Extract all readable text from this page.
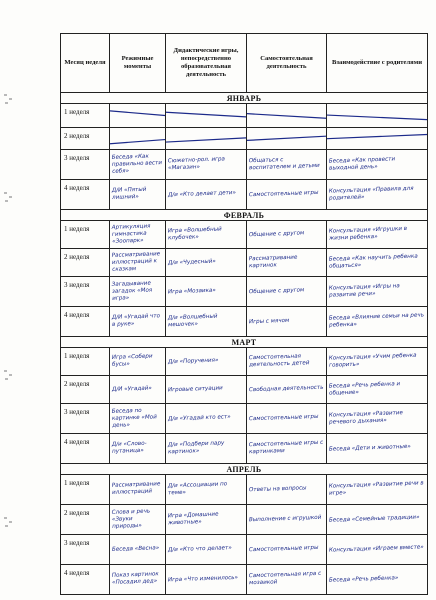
Месяц неделя	Режимные моменты	Дидактические игры, непосредственно образовательная деятельность	Самостоятельная деятельность	Взаимодействие с родителями
ЯНВАРЬ				
1 неделя	

2 неделя	

3 неделя	Беседа «Как правильно вести себя»	Сюжетно-рол. игра «Магазин»	Общаться с воспитателем и детьми	Беседа «Как провести выходной день»

4 неделя	Д/И «Пятый лишний»	Д/и «Кто делает дети»	Самостоятельные игры	Консультация «Правила для родителей»

ФЕВРАЛЬ				
1 неделя	Артикуляция гимнастика «Зоопарк»	Игра «Волшебный клубочек»	Общение с другом	Консультация «Игрушки в жизни ребенка»

2 неделя	Рассматривание иллюстраций к сказкам	Д/и «Чудесный»	Рассматривание картинок	Беседа «Как научить ребенка общаться»

3 неделя	Загадывание загадок «Моя игра»	Игра «Мозаика»	Общение с другом	Консультация «Игры на развитие речи»

4 неделя	Д/И «Угадай что в руке»	Д/и «Волшебный мешочек»	Игры с мячом	Беседа «Влияние семьи на речь ребенка»

МАРТ				
1 неделя	Игра «Собери бусы»	Д/и «Поручения»	Самостоятельная деятельность детей	Консультация «Учим ребенка говорить»

2 неделя	Д/И «Угадай»	Игровые ситуации	Свободная деятельность	Беседа «Речь ребенка и общение»

3 неделя	Беседа по картинке «Мой день»	Д/и «Угадай кто ест»	Самостоятельные игры	Консультация «Развитие речевого дыхания»

4 неделя	Д/и «Слово-путаница»	Д/и «Подбери пару картинок»	Самостоятельные игры с картинками	Беседа «Дети и животные»

АПРЕЛЬ				
1 неделя	Рассматривание иллюстраций	Д/и «Ассоциации по теме»	Ответы на вопросы	Консультация «Развитие речи в игре»

2 неделя	Слова и речь «Звуки природы»	Игра «Домашние животные»	Выполнение с игрушкой	Беседа «Семейные традиции»

3 неделя	Беседа «Весна»	Д/и «Кто что делает»	Самостоятельные игры	Консультация «Играем вместе»

4 неделя	Показ картинок «Посадил дед»	Игра «Что изменилось»	Самостоятельная игра с мозаикой	Беседа «Речь ребенка»
